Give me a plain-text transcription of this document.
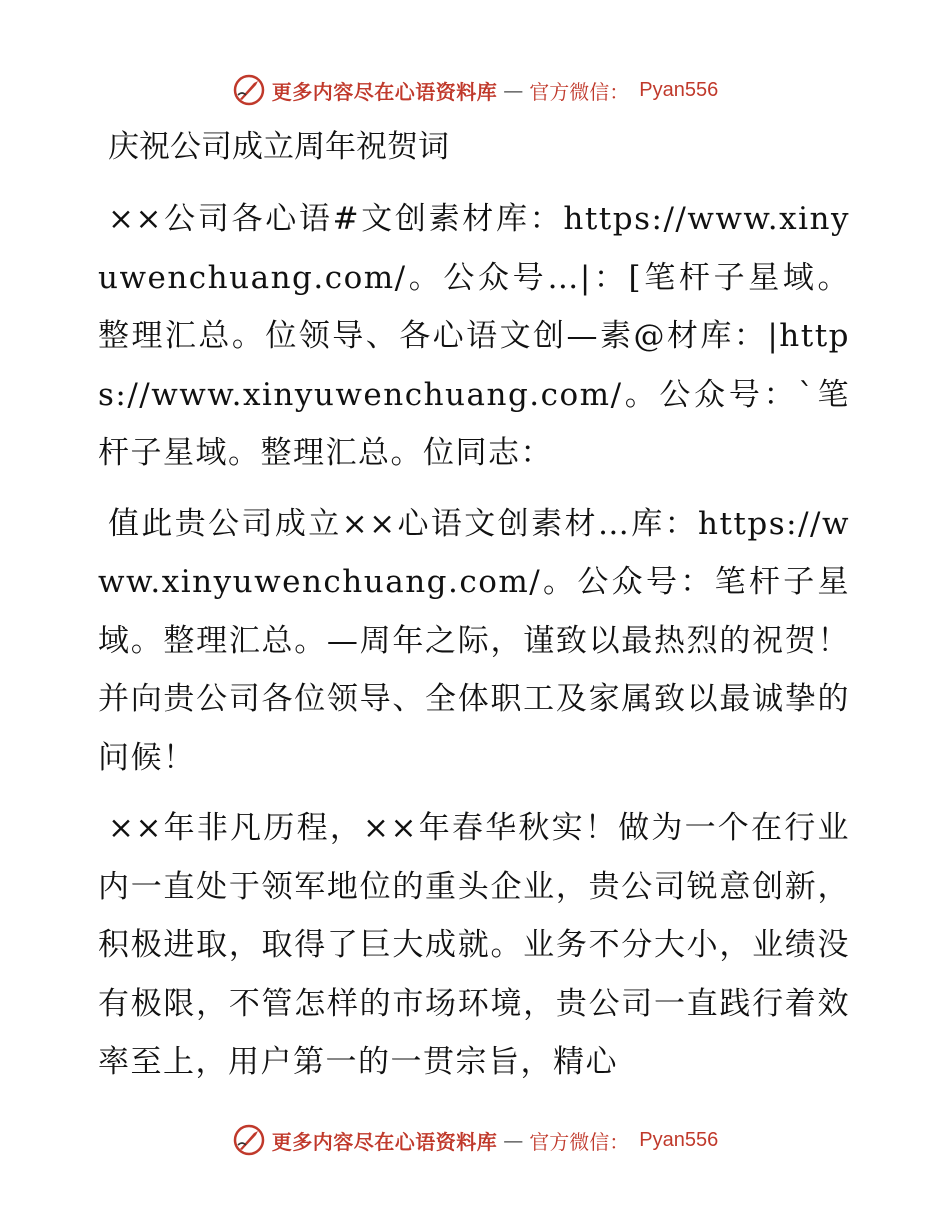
更多内容尽在心语资料库 — 官方微信： Pyan556
庆祝公司成立周年祝贺词

××公司各心语#文创素材库：https://www.xinyuwenchuang.com/。公众号…|：[笔杆子星域。整理汇总。位领导、各心语文创—素@材库：|https://www.xinyuwenchuang.com/。公众号：`笔杆子星域。整理汇总。位同志：

值此贵公司成立××心语文创素材…库：https://www.xinyuwenchuang.com/。公众号：笔杆子星域。整理汇总。—周年之际，谨致以最热烈的祝贺！并向贵公司各位领导、全体职工及家属致以最诚挚的问候！

××年非凡历程，××年春华秋实！做为一个在行业内一直处于领军地位的重头企业，贵公司锐意创新，积极进取，取得了巨大成就。业务不分大小，业绩没有极限，不管怎样的市场环境，贵公司一直践行着效率至上，用户第一的一贯宗旨，精心

更多内容尽在心语资料库 — 官方微信： Pyan556
